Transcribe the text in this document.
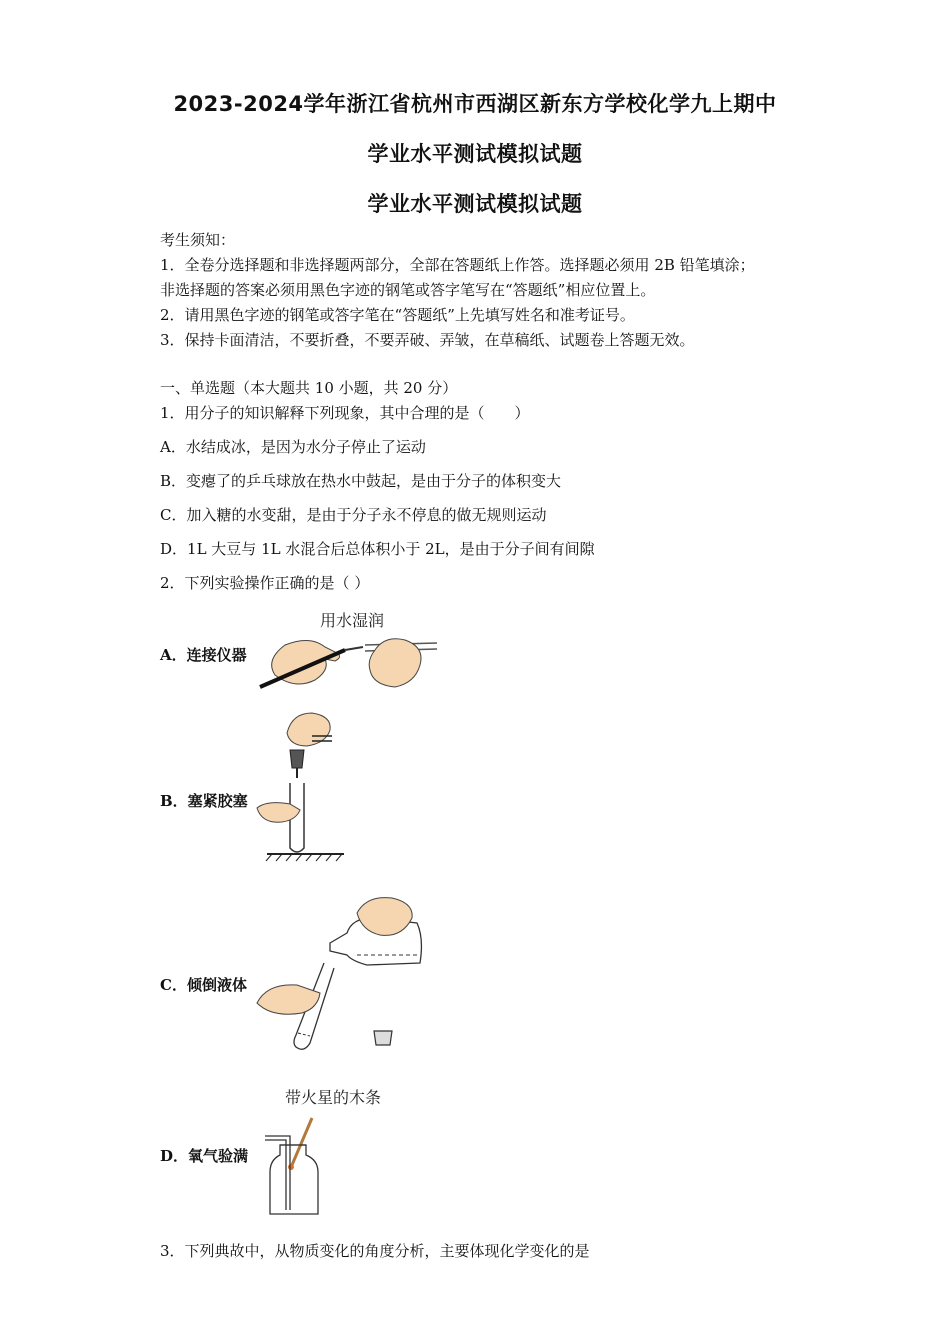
2023-2024学年浙江省杭州市西湖区新东方学校化学九上期中
学业水平测试模拟试题
学业水平测试模拟试题
考生须知：
1．全卷分选择题和非选择题两部分，全部在答题纸上作答。选择题必须用 2B 铅笔填涂；
非选择题的答案必须用黑色字迹的钢笔或答字笔写在“答题纸”相应位置上。
2．请用黑色字迹的钢笔或答字笔在“答题纸”上先填写姓名和准考证号。
3．保持卡面清洁，不要折叠，不要弄破、弄皱，在草稿纸、试题卷上答题无效。
一、单选题（本大题共 10 小题，共 20 分）
1．用分子的知识解释下列现象，其中合理的是（　　）
A．水结成冰，是因为水分子停止了运动
B．变瘪了的乒乓球放在热水中鼓起，是由于分子的体积变大
C．加入糖的水变甜，是由于分子永不停息的做无规则运动
D．1L 大豆与 1L 水混合后总体积小于 2L，是由于分子间有间隙
2．下列实验操作正确的是（ ）
A．连接仪器
用水湿润
B．塞紧胶塞
C．倾倒液体
D．氧气验满
带火星的木条
3．下列典故中，从物质变化的角度分析，主要体现化学变化的是
